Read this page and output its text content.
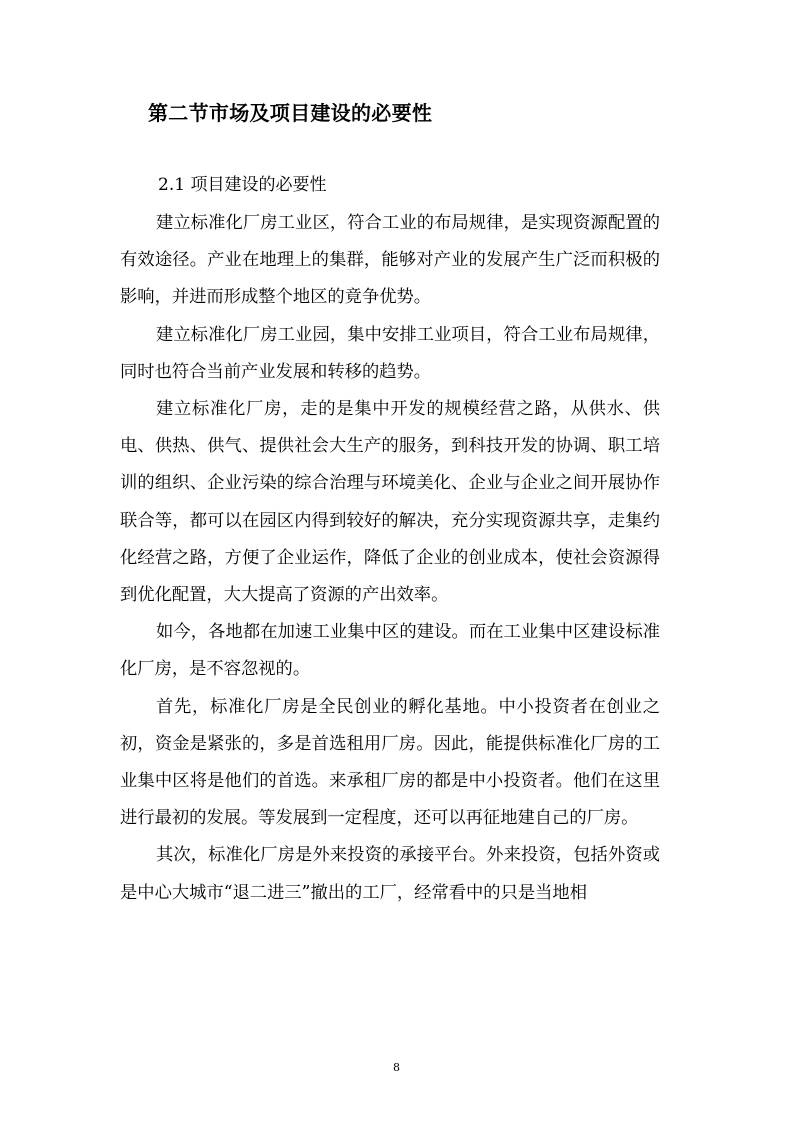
第二节市场及项目建设的必要性
2.1 项目建设的必要性

建立标准化厂房工业区，符合工业的布局规律，是实现资源配置的有效途径。产业在地理上的集群，能够对产业的发展产生广泛而积极的影响，并进而形成整个地区的竟争优势。

建立标准化厂房工业园，集中安排工业项目，符合工业布局规律，同时也符合当前产业发展和转移的趋势。

建立标准化厂房，走的是集中开发的规模经营之路，从供水、供电、供热、供气、提供社会大生产的服务，到科技开发的协调、职工培训的组织、企业污染的综合治理与环境美化、企业与企业之间开展协作联合等，都可以在园区内得到较好的解决，充分实现资源共享，走集约化经营之路，方便了企业运作，降低了企业的创业成本，使社会资源得到优化配置，大大提高了资源的产出效率。

如今，各地都在加速工业集中区的建设。而在工业集中区建设标准化厂房，是不容忽视的。

首先，标准化厂房是全民创业的孵化基地。中小投资者在创业之初，资金是紧张的，多是首选租用厂房。因此，能提供标准化厂房的工业集中区将是他们的首选。来承租厂房的都是中小投资者。他们在这里进行最初的发展。等发展到一定程度，还可以再征地建自己的厂房。

其次，标准化厂房是外来投资的承接平台。外来投资，包括外资或是中心大城市“退二进三”撤出的工厂，经常看中的只是当地相

8
